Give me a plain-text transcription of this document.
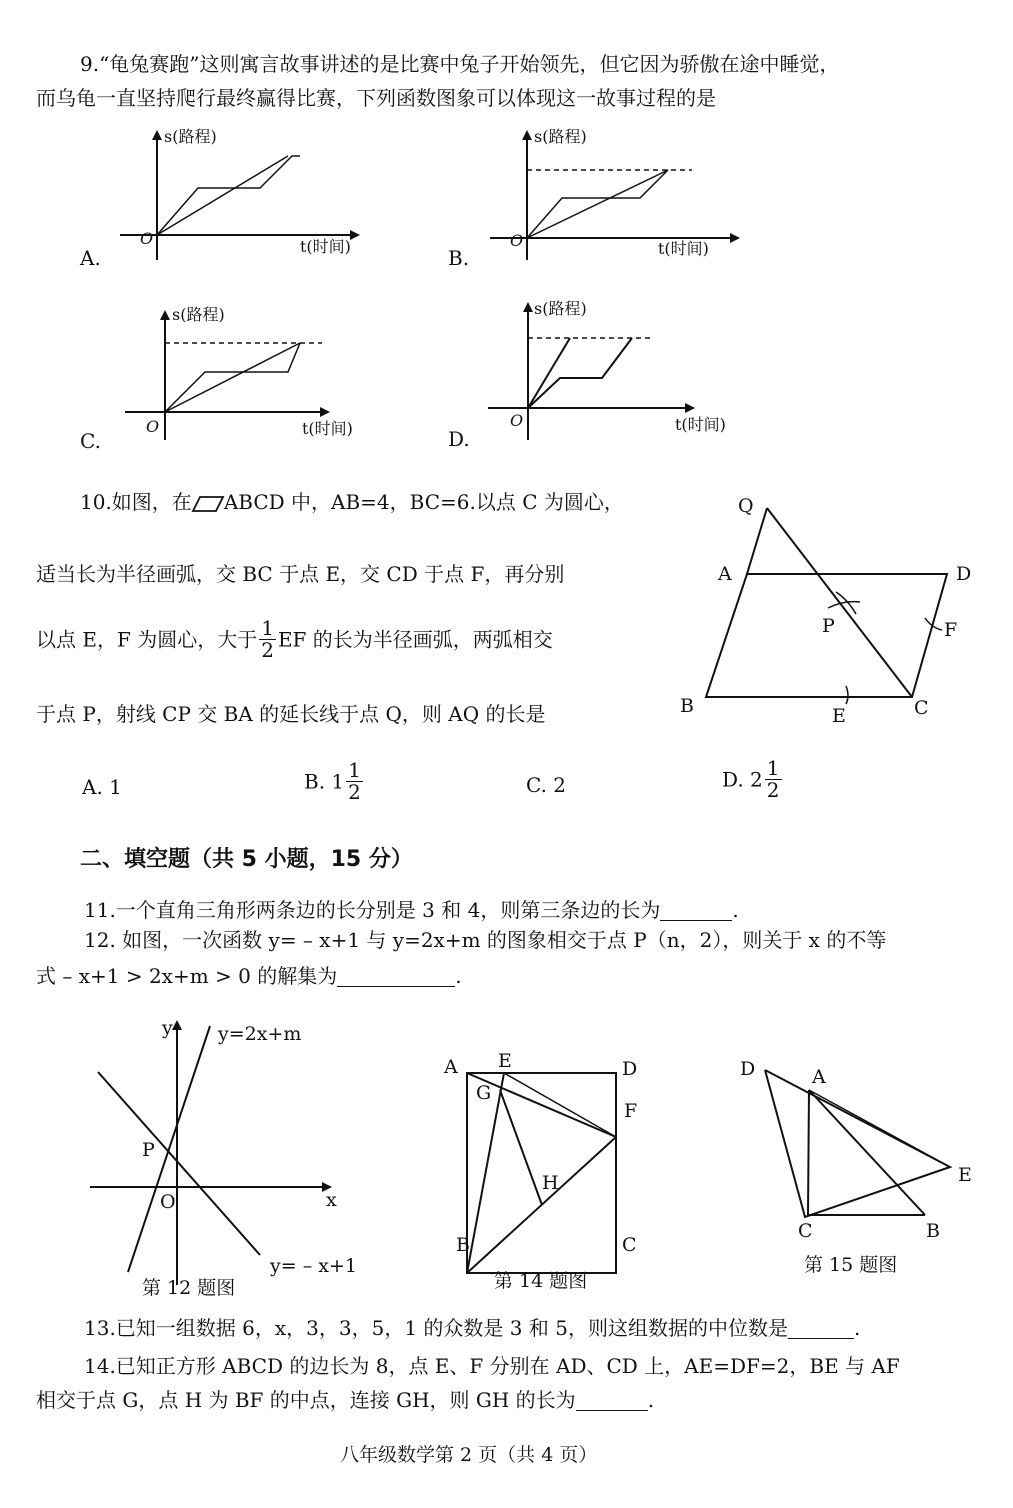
9.“龟兔赛跑”这则寓言故事讲述的是比赛中兔子开始领先，但它因为骄傲在途中睡觉，
而乌龟一直坚持爬行最终赢得比赛，下列函数图象可以体现这一故事过程的是
s(路程)
O	t(时间)
A.
s(路程)
O	t(时间)
B.
s(路程)
O	t(时间)
C.
s(路程)
O	t(时间)
D.
10.如图，在 ABCD 中，AB=4，BC=6.以点 C 为圆心，
适当长为半径画弧，交 BC 于点 E，交 CD 于点 F，再分别
以点 E，F 为圆心，大于 $\frac{1}{2}$ EF 的长为半径画弧，两弧相交
于点 P，射线 CP 交 BA 的延长线于点 Q，则 AQ 的长是
Q
A	D
P	F
B	E	C
A. 1	B. $1 \frac{1}{2}$	C. 2	D. $2 \frac{1}{2}$
二、填空题（共 5 小题，15 分）
11.一个直角三角形两条边的长分别是 3 和 4，则第三条边的长为	.
12. 如图，一次函数 y= – x+1 与 y=2x+m 的图象相交于点 P（n，2），则关于 x 的不等
式 – x+1 > 2x+m > 0 的解集为	.
y
x
O
P
y=2x+m
y= – x+1
第 12 题图
A E	D
G
F
H
B	C
第 14 题图
D	A
E
C	B
第 15 题图
13.已知一组数据 6，x，3，3，5，1 的众数是 3 和 5，则这组数据的中位数是	.
14.已知正方形 ABCD 的边长为 8，点 E、F 分别在 AD、CD 上，AE=DF=2，BE 与 AF
相交于点 G，点 H 为 BF 的中点，连接 GH，则 GH 的长为	.
八年级数学第 2 页（共 4 页）
